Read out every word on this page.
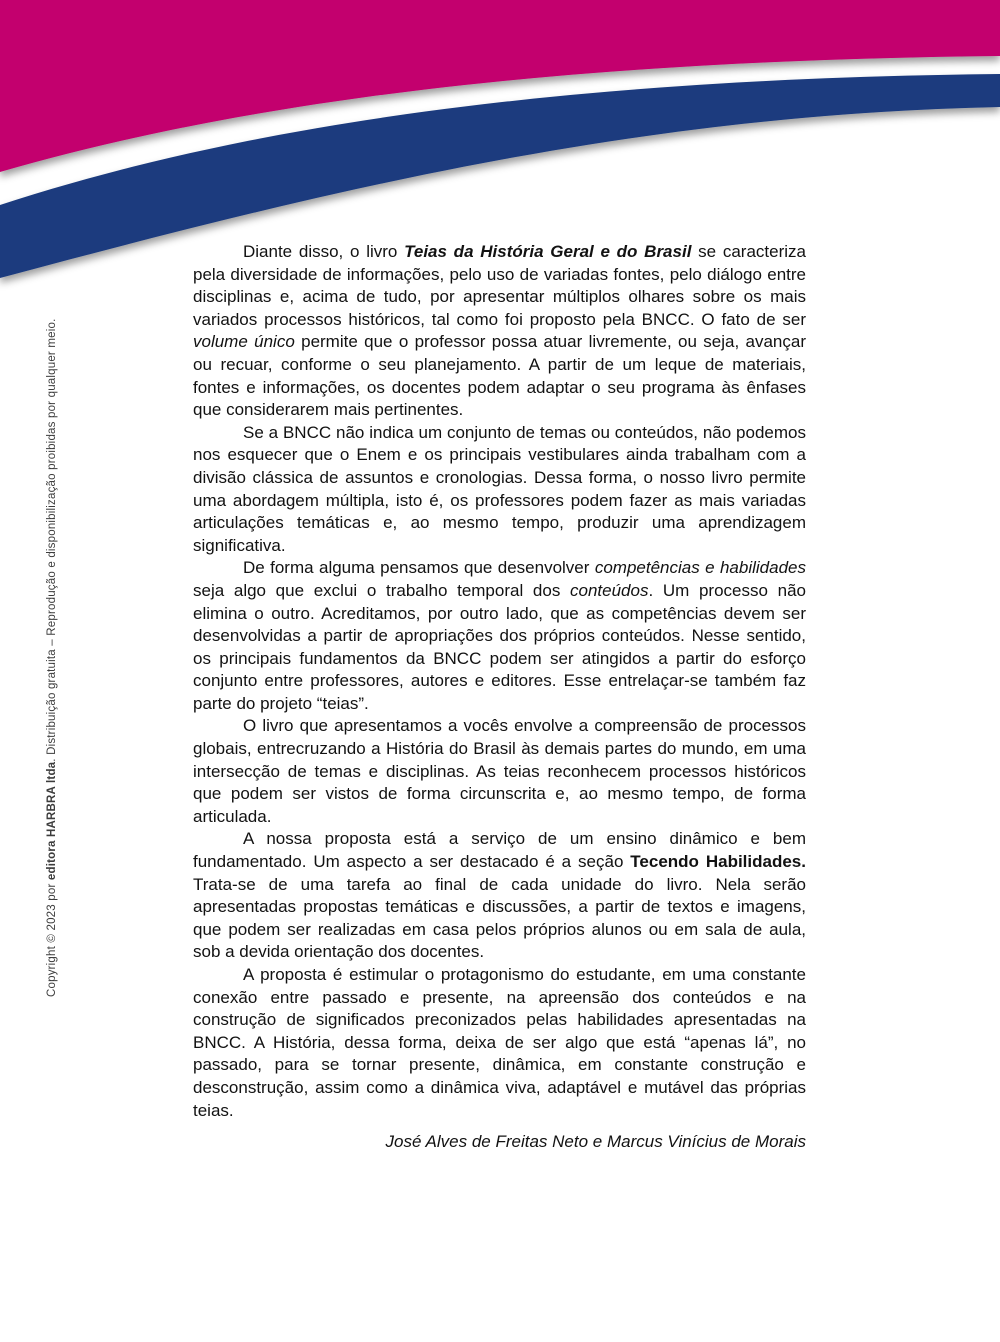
Copyright © 2023 por editora HARBRA ltda. Distribuição gratuita – Reprodução e disponibilização proibidas por qualquer meio.

Diante disso, o livro Teias da História Geral e do Brasil se caracteriza pela diversidade de informações, pelo uso de variadas fontes, pelo diálogo entre disciplinas e, acima de tudo, por apresentar múltiplos olhares sobre os mais variados processos históricos, tal como foi proposto pela BNCC. O fato de ser volume único permite que o professor possa atuar livremente, ou seja, avançar ou recuar, conforme o seu planejamento. A partir de um leque de materiais, fontes e informações, os docentes podem adaptar o seu programa às ênfases que considerarem mais pertinentes.

Se a BNCC não indica um conjunto de temas ou conteúdos, não podemos nos esquecer que o Enem e os principais vestibulares ainda trabalham com a divisão clássica de assuntos e cronologias. Dessa forma, o nosso livro permite uma abordagem múltipla, isto é, os professores podem fazer as mais variadas articulações temáticas e, ao mesmo tempo, produzir uma aprendizagem significativa.

De forma alguma pensamos que desenvolver competências e habilidades seja algo que exclui o trabalho temporal dos conteúdos. Um processo não elimina o outro. Acreditamos, por outro lado, que as competências devem ser desenvolvidas a partir de apropriações dos próprios conteúdos. Nesse sentido, os principais fundamentos da BNCC podem ser atingidos a partir do esforço conjunto entre professores, autores e editores. Esse entrelaçar-se também faz parte do projeto “teias”.

O livro que apresentamos a vocês envolve a compreensão de processos globais, entrecruzando a História do Brasil às demais partes do mundo, em uma intersecção de temas e disciplinas. As teias reconhecem processos históricos que podem ser vistos de forma circunscrita e, ao mesmo tempo, de forma articulada.

A nossa proposta está a serviço de um ensino dinâmico e bem fundamentado. Um aspecto a ser destacado é a seção Tecendo Habilidades. Trata-se de uma tarefa ao final de cada unidade do livro. Nela serão apresentadas propostas temáticas e discussões, a partir de textos e imagens, que podem ser realizadas em casa pelos próprios alunos ou em sala de aula, sob a devida orientação dos docentes.

A proposta é estimular o protagonismo do estudante, em uma constante conexão entre passado e presente, na apreensão dos conteúdos e na construção de significados preconizados pelas habilidades apresentadas na BNCC. A História, dessa forma, deixa de ser algo que está “apenas lá”, no passado, para se tornar presente, dinâmica, em constante construção e desconstrução, assim como a dinâmica viva, adaptável e mutável das próprias teias.

José Alves de Freitas Neto e Marcus Vinícius de Morais
